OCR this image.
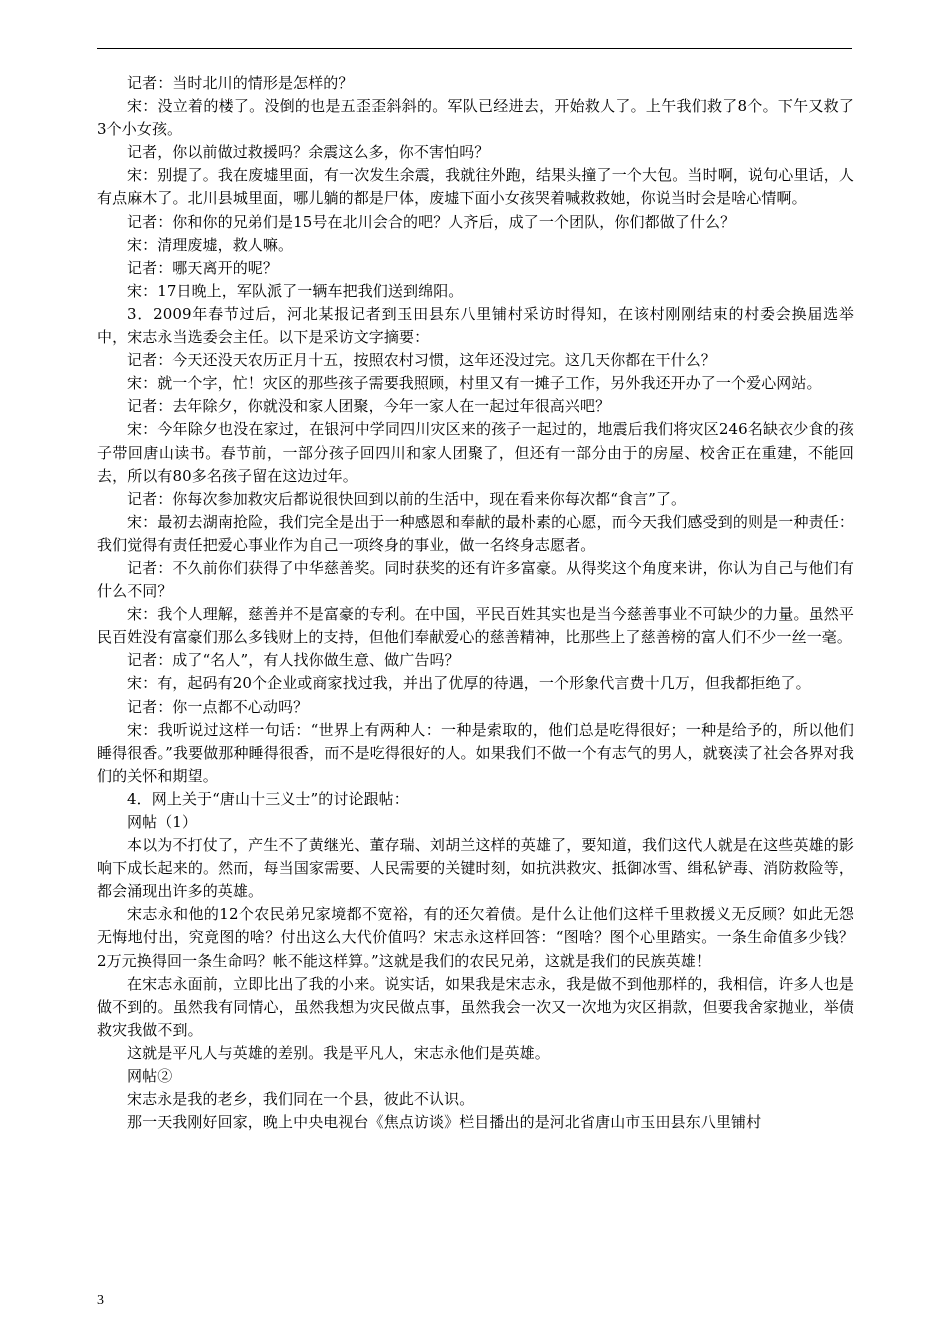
记者：当时北川的情形是怎样的？

宋：没立着的楼了。没倒的也是五歪歪斜斜的。军队已经进去，开始救人了。上午我们救了8个。下午又救了3个小女孩。

记者，你以前做过救援吗？余震这么多，你不害怕吗？

宋：别提了。我在废墟里面，有一次发生余震，我就往外跑，结果头撞了一个大包。当时啊，说句心里话，人有点麻木了。北川县城里面，哪儿躺的都是尸体，废墟下面小女孩哭着喊救救她，你说当时会是啥心情啊。

记者：你和你的兄弟们是15号在北川会合的吧？人齐后，成了一个团队，你们都做了什么？

宋：清理废墟，救人嘛。

记者：哪天离开的呢？

宋：17日晚上，军队派了一辆车把我们送到绵阳。

3．2009年春节过后，河北某报记者到玉田县东八里铺村采访时得知，在该村刚刚结束的村委会换届选举中，宋志永当选委会主任。以下是采访文字摘要：

记者：今天还没天农历正月十五，按照农村习惯，这年还没过完。这几天你都在干什么？

宋：就一个字，忙！灾区的那些孩子需要我照顾，村里又有一摊子工作，另外我还开办了一个爱心网站。

记者：去年除夕，你就没和家人团聚，今年一家人在一起过年很高兴吧？

宋：今年除夕也没在家过，在银河中学同四川灾区来的孩子一起过的，地震后我们将灾区246名缺衣少食的孩子带回唐山读书。春节前，一部分孩子回四川和家人团聚了，但还有一部分由于的房屋、校舍正在重建，不能回去，所以有80多名孩子留在这边过年。

记者：你每次参加救灾后都说很快回到以前的生活中，现在看来你每次都“食言”了。

宋：最初去湖南抢险，我们完全是出于一种感恩和奉献的最朴素的心愿，而今天我们感受到的则是一种责任：我们觉得有责任把爱心事业作为自己一项终身的事业，做一名终身志愿者。

记者：不久前你们获得了中华慈善奖。同时获奖的还有许多富豪。从得奖这个角度来讲，你认为自己与他们有什么不同？

宋：我个人理解，慈善并不是富豪的专利。在中国，平民百姓其实也是当今慈善事业不可缺少的力量。虽然平民百姓没有富豪们那么多钱财上的支持，但他们奉献爱心的慈善精神，比那些上了慈善榜的富人们不少一丝一毫。

记者：成了“名人”，有人找你做生意、做广告吗？

宋：有，起码有20个企业或商家找过我，并出了优厚的待遇，一个形象代言费十几万，但我都拒绝了。

记者：你一点都不心动吗？

宋：我听说过这样一句话：“世界上有两种人：一种是索取的，他们总是吃得很好；一种是给予的，所以他们睡得很香。”我要做那种睡得很香，而不是吃得很好的人。如果我们不做一个有志气的男人，就亵渎了社会各界对我们的关怀和期望。

4．网上关于“唐山十三义士”的讨论跟帖：

网帖（1）

本以为不打仗了，产生不了黄继光、董存瑞、刘胡兰这样的英雄了，要知道，我们这代人就是在这些英雄的影响下成长起来的。然而，每当国家需要、人民需要的关键时刻，如抗洪救灾、抵御冰雪、缉私铲毒、消防救险等，都会涌现出许多的英雄。

宋志永和他的12个农民弟兄家境都不宽裕，有的还欠着债。是什么让他们这样千里救援义无反顾？如此无怨无悔地付出，究竟图的啥？付出这么大代价值吗？宋志永这样回答：“图啥？图个心里踏实。一条生命值多少钱？2万元换得回一条生命吗？帐不能这样算。”这就是我们的农民兄弟，这就是我们的民族英雄！

在宋志永面前，立即比出了我的小来。说实话，如果我是宋志永，我是做不到他那样的，我相信，许多人也是做不到的。虽然我有同情心，虽然我想为灾民做点事，虽然我会一次又一次地为灾区捐款，但要我舍家抛业，举债救灾我做不到。

这就是平凡人与英雄的差别。我是平凡人，宋志永他们是英雄。

网帖②

宋志永是我的老乡，我们同在一个县，彼此不认识。

那一天我刚好回家，晚上中央电视台《焦点访谈》栏目播出的是河北省唐山市玉田县东八里铺村

3
